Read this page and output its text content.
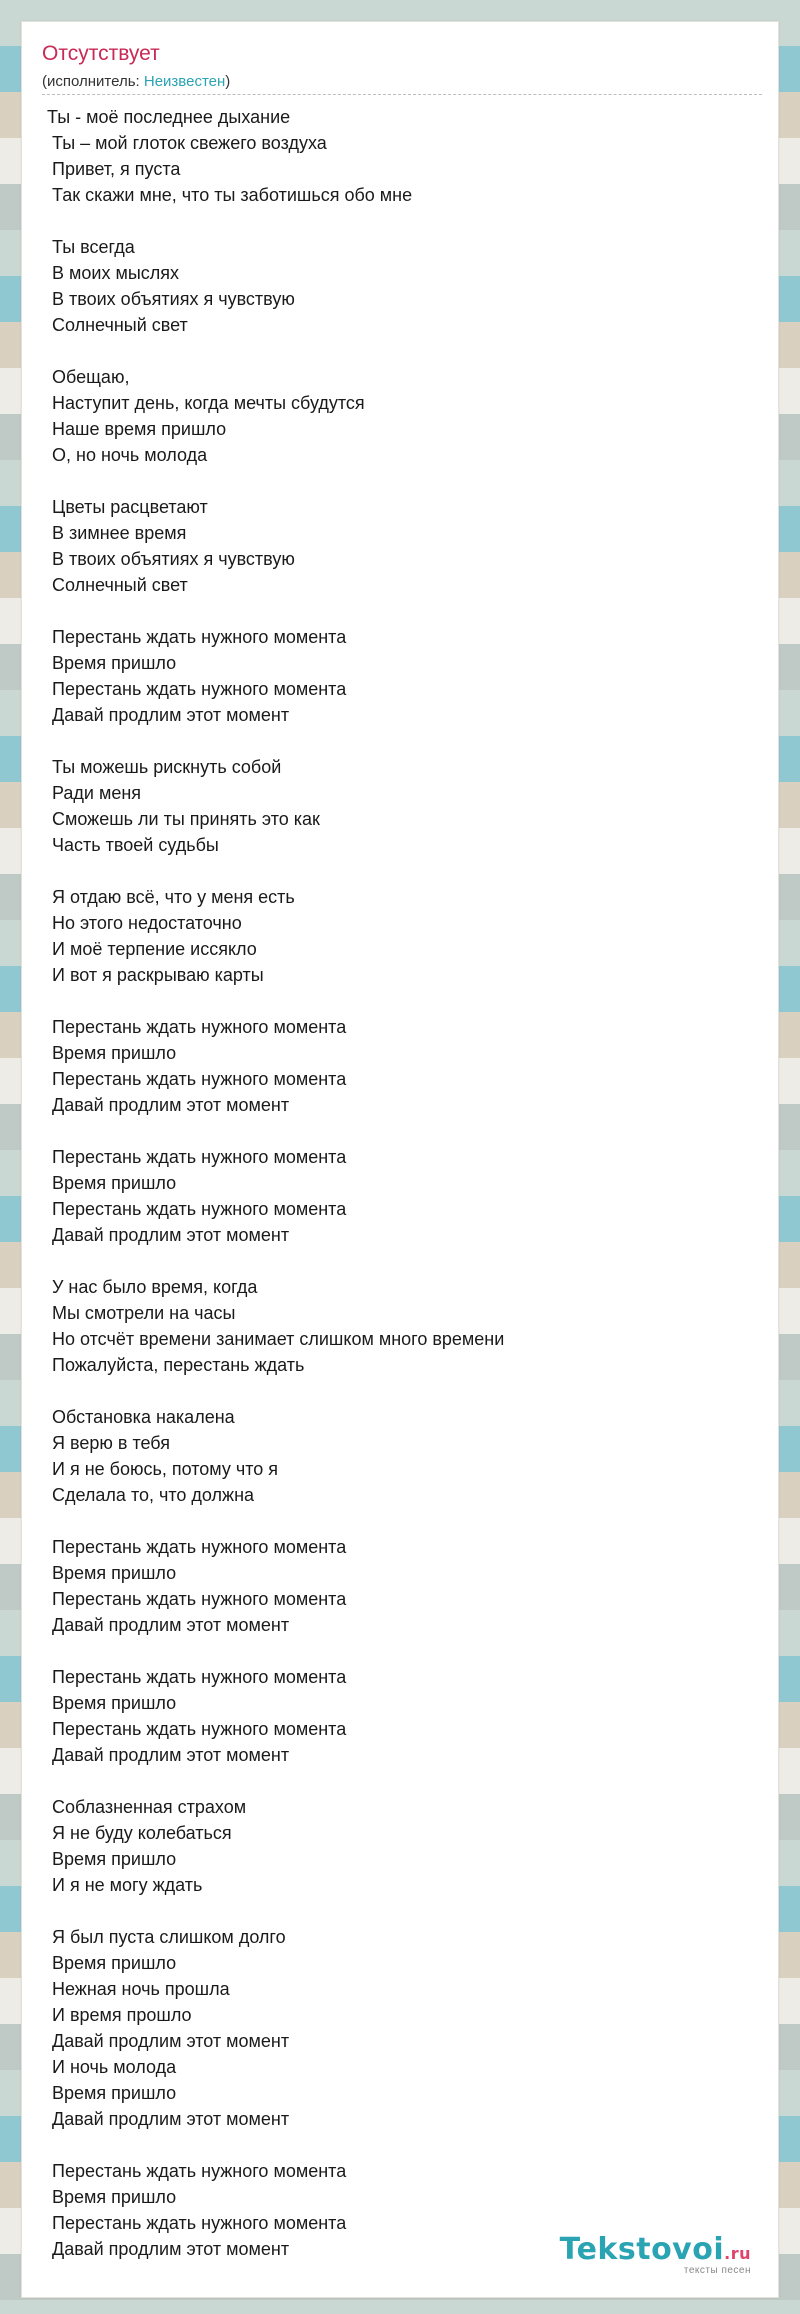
Отсутствует
(исполнитель: Неизвестен)
Ты - моё последнее дыхание
Ты – мой глоток свежего воздуха
Привет, я пуста
Так скажи мне, что ты заботишься обо мне
Ты всегда
В моих мыслях
В твоих объятиях я чувствую
Солнечный свет
Обещаю,
Наступит день, когда мечты сбудутся
Наше время пришло
О, но ночь молода
Цветы расцветают
В зимнее время
В твоих объятиях я чувствую
Солнечный свет
Перестань ждать нужного момента
Время пришло
Перестань ждать нужного момента
Давай продлим этот момент
Ты можешь рискнуть собой
Ради меня
Сможешь ли ты принять это как
Часть твоей судьбы
Я отдаю всё, что у меня есть
Но этого недостаточно
И моё терпение иссякло
И вот я раскрываю карты
Перестань ждать нужного момента
Время пришло
Перестань ждать нужного момента
Давай продлим этот момент
Перестань ждать нужного момента
Время пришло
Перестань ждать нужного момента
Давай продлим этот момент
У нас было время, когда
Мы смотрели на часы
Но отсчёт времени занимает слишком много времени
Пожалуйста, перестань ждать
Обстановка накалена
Я верю в тебя
И я не боюсь, потому что я
Сделала то, что должна
Перестань ждать нужного момента
Время пришло
Перестань ждать нужного момента
Давай продлим этот момент
Перестань ждать нужного момента
Время пришло
Перестань ждать нужного момента
Давай продлим этот момент
Соблазненная страхом
Я не буду колебаться
Время пришло
И я не могу ждать
Я был пуста слишком долго
Время пришло
Нежная ночь прошла
И время прошло
Давай продлим этот момент
И ночь молода
Время пришло
Давай продлим этот момент
Перестань ждать нужного момента
Время пришло
Перестань ждать нужного момента
Давай продлим этот момент	Tekstovoi.ru
тексты песен
